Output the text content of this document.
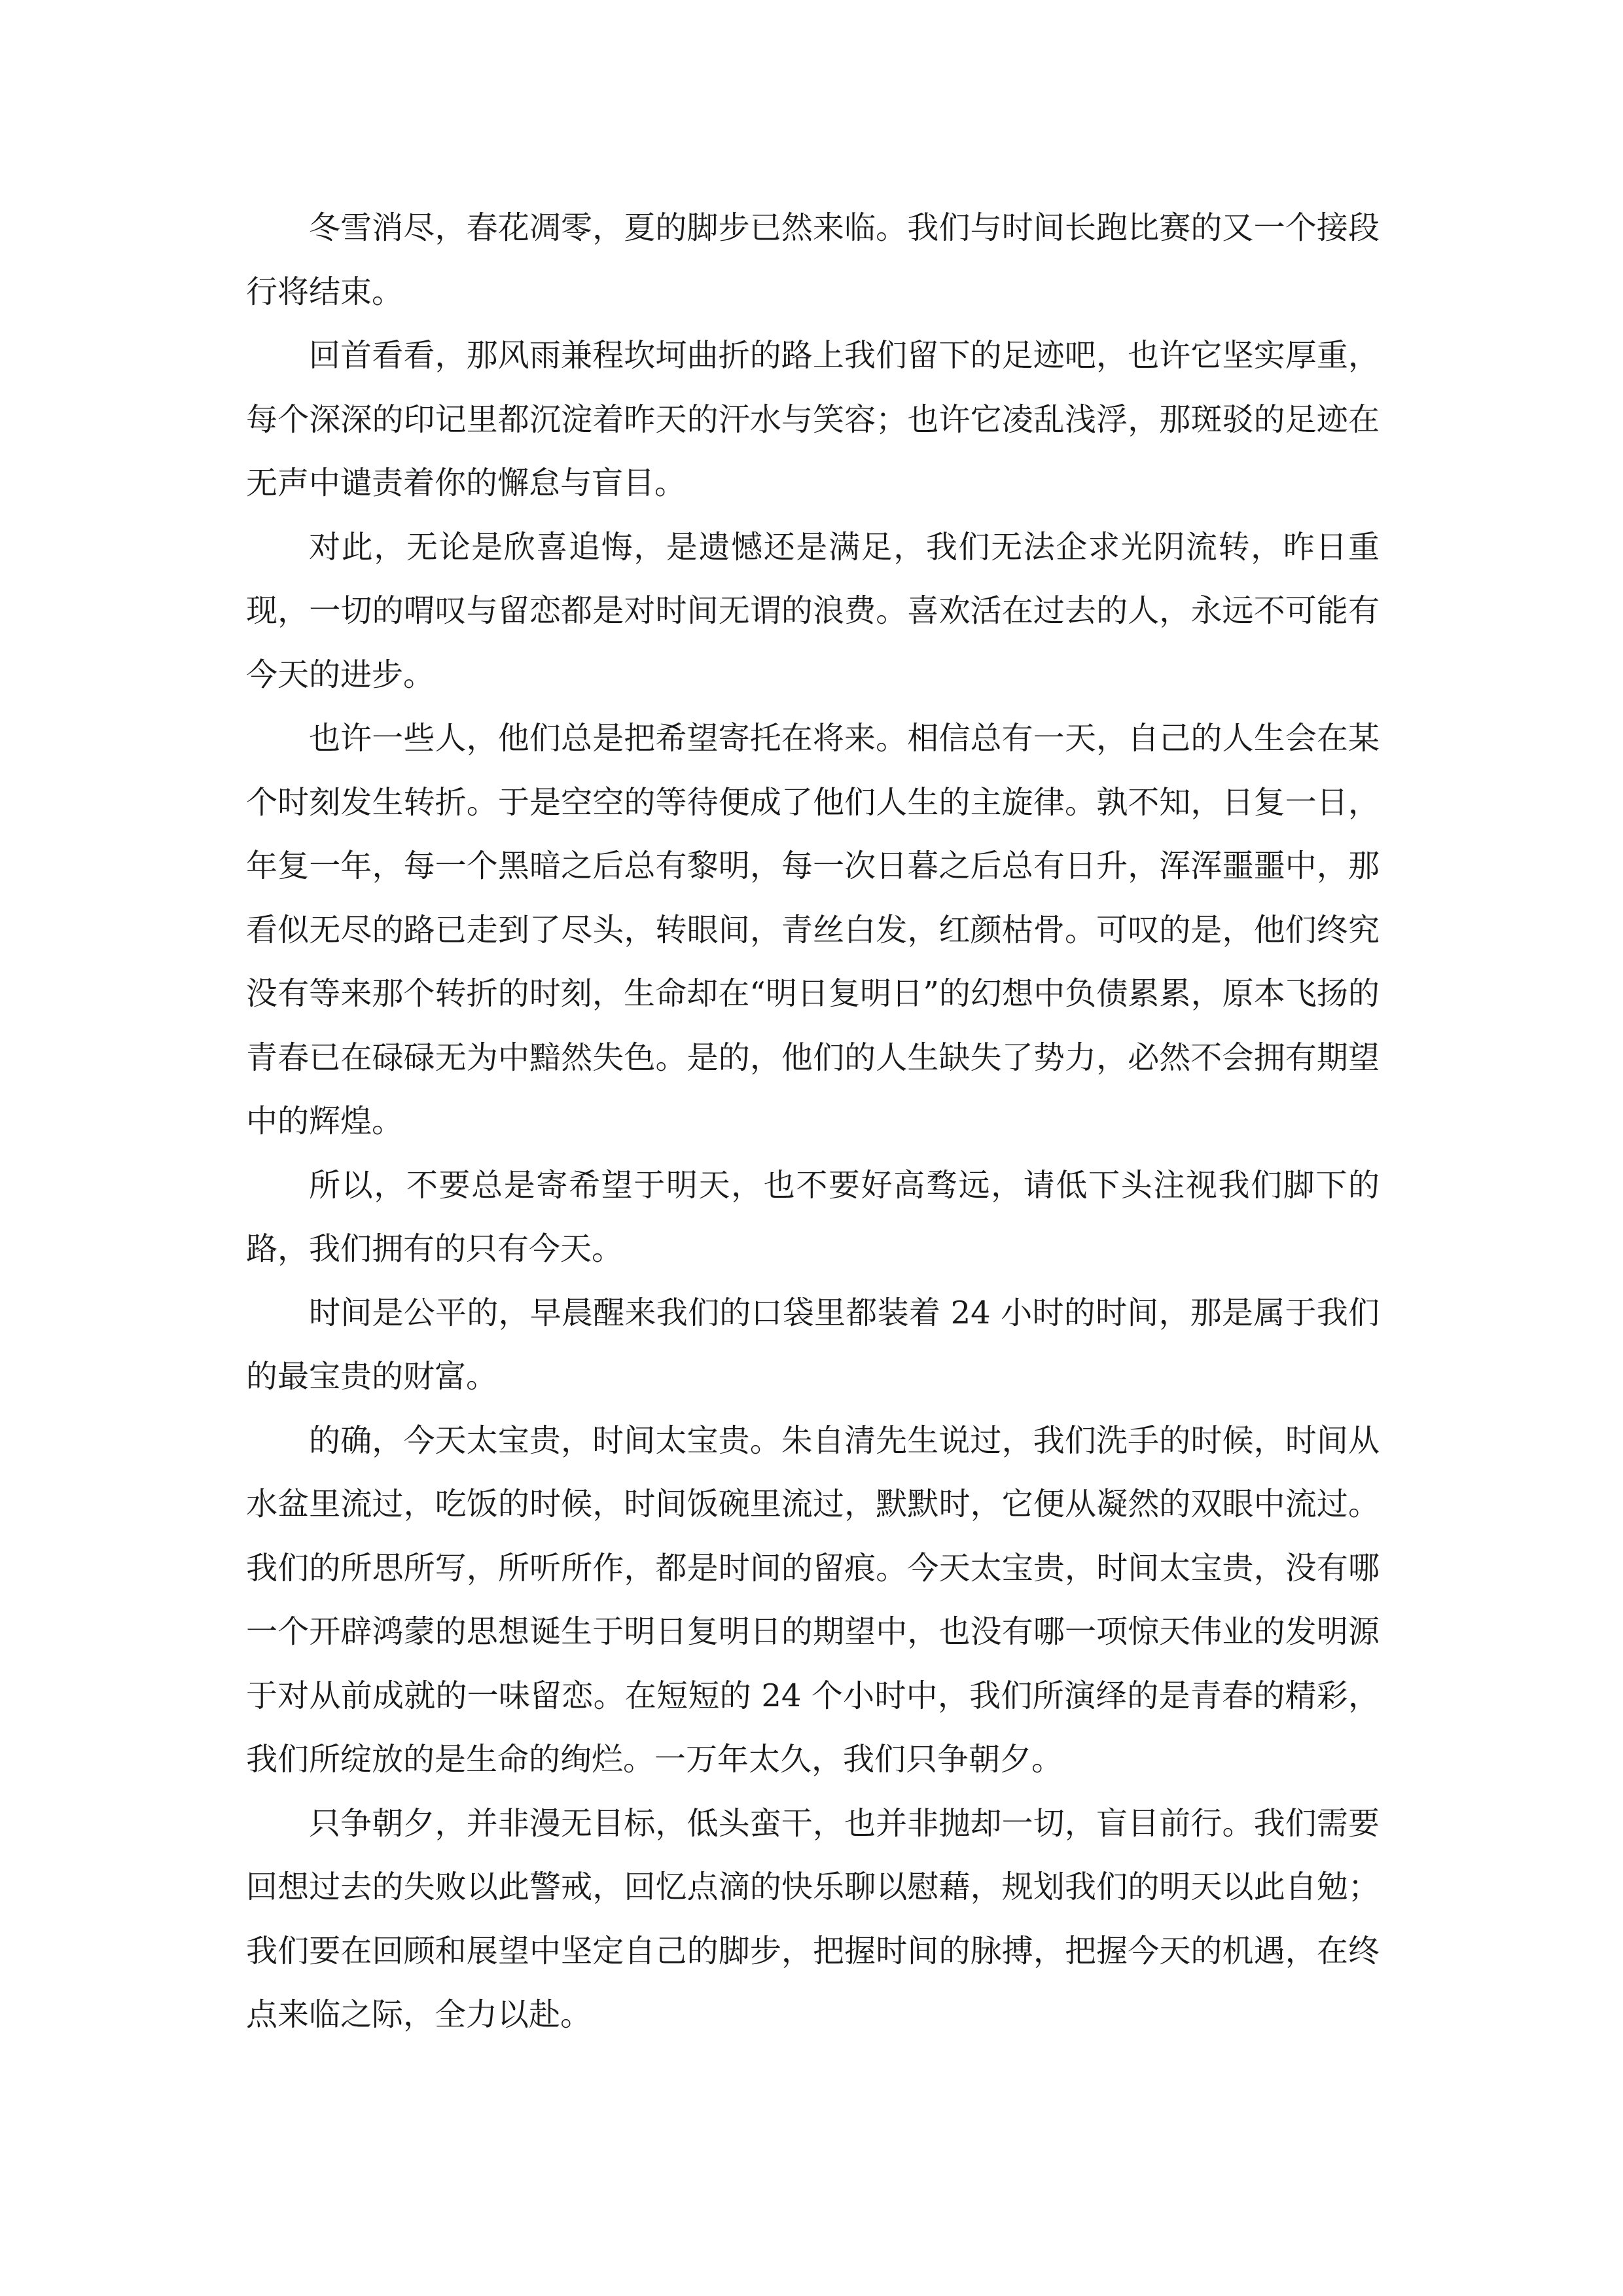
冬雪消尽，春花凋零，夏的脚步已然来临。我们与时间长跑比赛的又一个接段行将结束。

回首看看，那风雨兼程坎坷曲折的路上我们留下的足迹吧，也许它坚实厚重，每个深深的印记里都沉淀着昨天的汗水与笑容；也许它凌乱浅浮，那斑驳的足迹在无声中谴责着你的懈怠与盲目。

对此，无论是欣喜追悔，是遗憾还是满足，我们无法企求光阴流转，昨日重现，一切的喟叹与留恋都是对时间无谓的浪费。喜欢活在过去的人，永远不可能有今天的进步。

也许一些人，他们总是把希望寄托在将来。相信总有一天，自己的人生会在某个时刻发生转折。于是空空的等待便成了他们人生的主旋律。孰不知，日复一日，年复一年，每一个黑暗之后总有黎明，每一次日暮之后总有日升，浑浑噩噩中，那看似无尽的路已走到了尽头，转眼间，青丝白发，红颜枯骨。可叹的是，他们终究没有等来那个转折的时刻，生命却在“明日复明日”的幻想中负债累累，原本飞扬的青春已在碌碌无为中黯然失色。是的，他们的人生缺失了势力，必然不会拥有期望中的辉煌。

所以，不要总是寄希望于明天，也不要好高骛远，请低下头注视我们脚下的路，我们拥有的只有今天。

时间是公平的，早晨醒来我们的口袋里都装着 24 小时的时间，那是属于我们的最宝贵的财富。

的确，今天太宝贵，时间太宝贵。朱自清先生说过，我们洗手的时候，时间从水盆里流过，吃饭的时候，时间饭碗里流过，默默时，它便从凝然的双眼中流过。我们的所思所写，所听所作，都是时间的留痕。今天太宝贵，时间太宝贵，没有哪一个开辟鸿蒙的思想诞生于明日复明日的期望中，也没有哪一项惊天伟业的发明源于对从前成就的一味留恋。在短短的 24 个小时中，我们所演绎的是青春的精彩，我们所绽放的是生命的绚烂。一万年太久，我们只争朝夕。

只争朝夕，并非漫无目标，低头蛮干，也并非抛却一切，盲目前行。我们需要回想过去的失败以此警戒，回忆点滴的快乐聊以慰藉，规划我们的明天以此自勉；我们要在回顾和展望中坚定自己的脚步，把握时间的脉搏，把握今天的机遇，在终点来临之际，全力以赴。
